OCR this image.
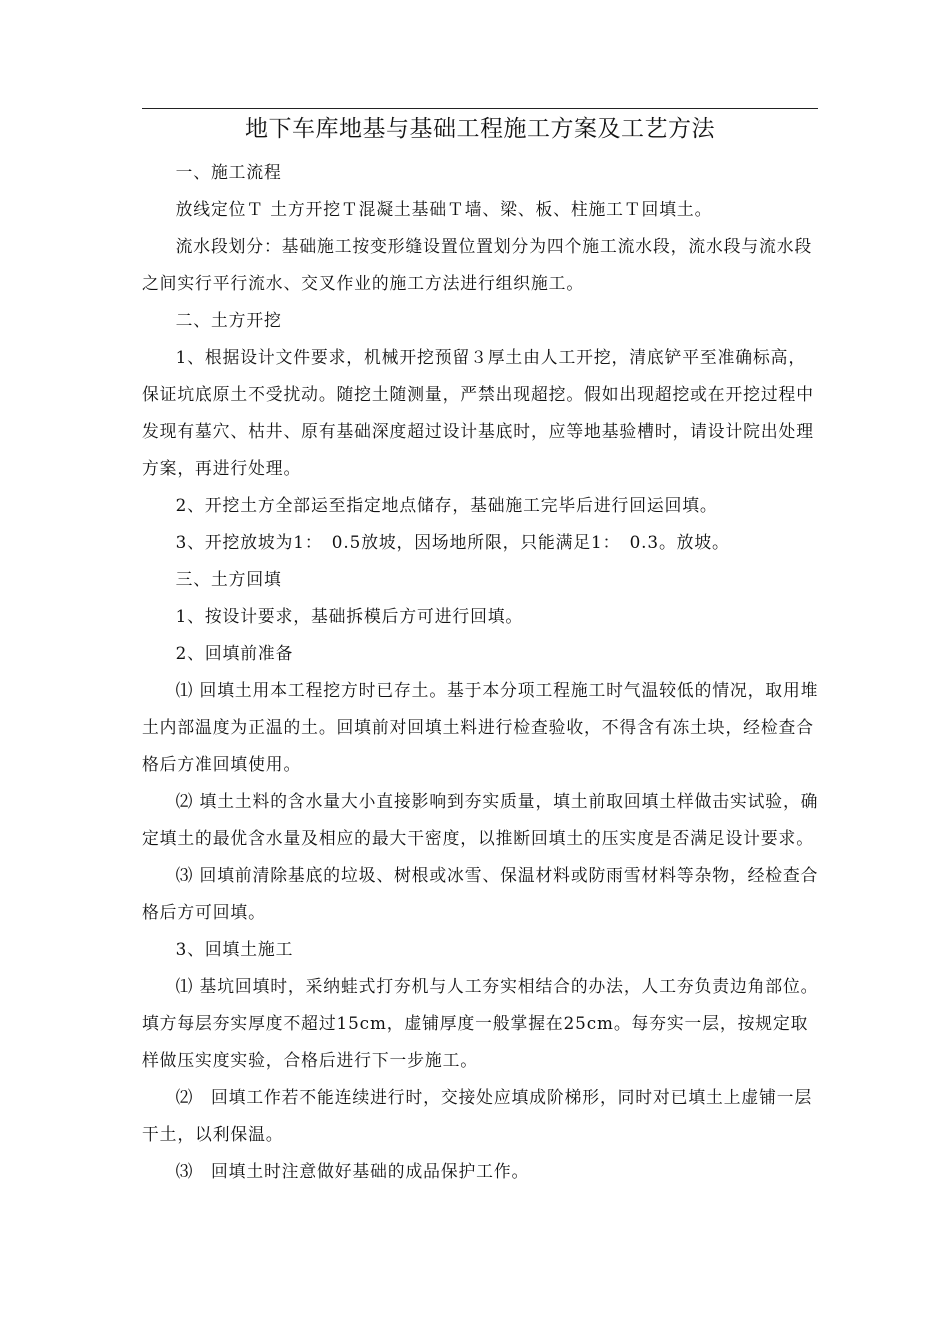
地下车库地基与基础工程施工方案及工艺方法

一、施工流程

放线定位Ｔ 土方开挖Ｔ混凝土基础Ｔ墙、梁、板、柱施工Ｔ回填土。

流水段划分：基础施工按变形缝设置位置划分为四个施工流水段，流水段与流水段之间实行平行流水、交叉作业的施工方法进行组织施工。

二、土方开挖

1、根据设计文件要求，机械开挖预留３厚土由人工开挖，清底铲平至准确标高，保证坑底原土不受扰动。随挖土随测量，严禁出现超挖。假如出现超挖或在开挖过程中发现有墓穴、枯井、原有基础深度超过设计基底时，应等地基验槽时，请设计院出处理方案，再进行处理。

2、开挖土方全部运至指定地点储存，基础施工完毕后进行回运回填。

3、开挖放坡为1：　0.5放坡，因场地所限，只能满足1：　0.3。放坡。

三、土方回填

1、按设计要求，基础拆模后方可进行回填。

2、回填前准备

⑴ 回填土用本工程挖方时已存土。基于本分项工程施工时气温较低的情况，取用堆土内部温度为正温的土。回填前对回填土料进行检查验收，不得含有冻土块，经检查合格后方准回填使用。

⑵ 填土土料的含水量大小直接影响到夯实质量，填土前取回填土样做击实试验，确定填土的最优含水量及相应的最大干密度，以推断回填土的压实度是否满足设计要求。

⑶ 回填前清除基底的垃圾、树根或冰雪、保温材料或防雨雪材料等杂物，经检查合格后方可回填。

3、回填土施工

⑴ 基坑回填时，采纳蛙式打夯机与人工夯实相结合的办法，人工夯负责边角部位。填方每层夯实厚度不超过15cm，虚铺厚度一般掌握在25cm。每夯实一层，按规定取样做压实度实验，合格后进行下一步施工。

⑵　回填工作若不能连续进行时，交接处应填成阶梯形，同时对已填土上虚铺一层干土，以利保温。

⑶　回填土时注意做好基础的成品保护工作。
